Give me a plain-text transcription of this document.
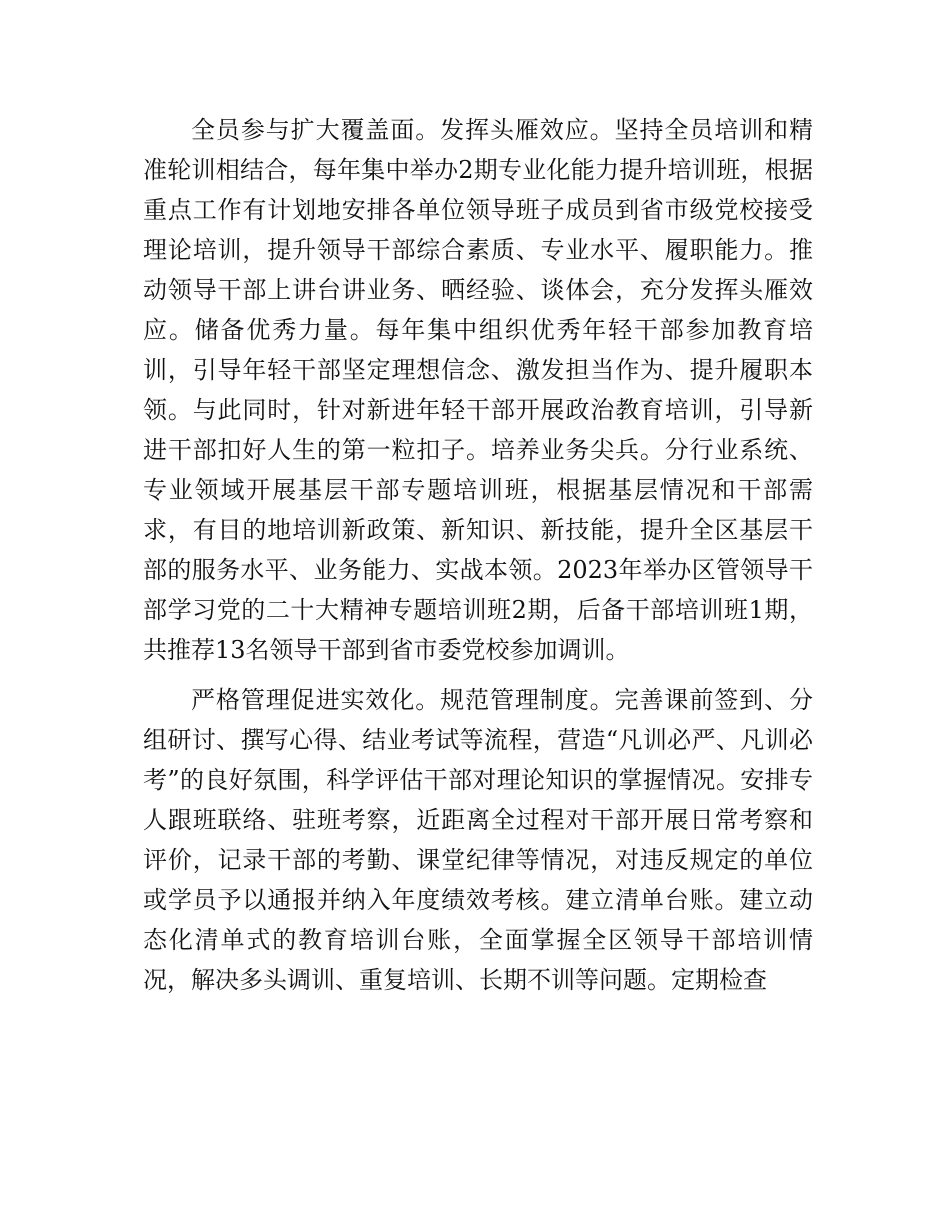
全员参与扩大覆盖面。发挥头雁效应。坚持全员培训和精准轮训相结合，每年集中举办2期专业化能力提升培训班，根据重点工作有计划地安排各单位领导班子成员到省市级党校接受理论培训，提升领导干部综合素质、专业水平、履职能力。推动领导干部上讲台讲业务、晒经验、谈体会，充分发挥头雁效应。储备优秀力量。每年集中组织优秀年轻干部参加教育培训，引导年轻干部坚定理想信念、激发担当作为、提升履职本领。与此同时，针对新进年轻干部开展政治教育培训，引导新进干部扣好人生的第一粒扣子。培养业务尖兵。分行业系统、专业领域开展基层干部专题培训班，根据基层情况和干部需求，有目的地培训新政策、新知识、新技能，提升全区基层干部的服务水平、业务能力、实战本领。2023年举办区管领导干部学习党的二十大精神专题培训班2期，后备干部培训班1期，共推荐13名领导干部到省市委党校参加调训。

严格管理促进实效化。规范管理制度。完善课前签到、分组研讨、撰写心得、结业考试等流程，营造“凡训必严、凡训必考”的良好氛围，科学评估干部对理论知识的掌握情况。安排专人跟班联络、驻班考察，近距离全过程对干部开展日常考察和评价，记录干部的考勤、课堂纪律等情况，对违反规定的单位或学员予以通报并纳入年度绩效考核。建立清单台账。建立动态化清单式的教育培训台账，全面掌握全区领导干部培训情况，解决多头调训、重复培训、长期不训等问题。定期检查
